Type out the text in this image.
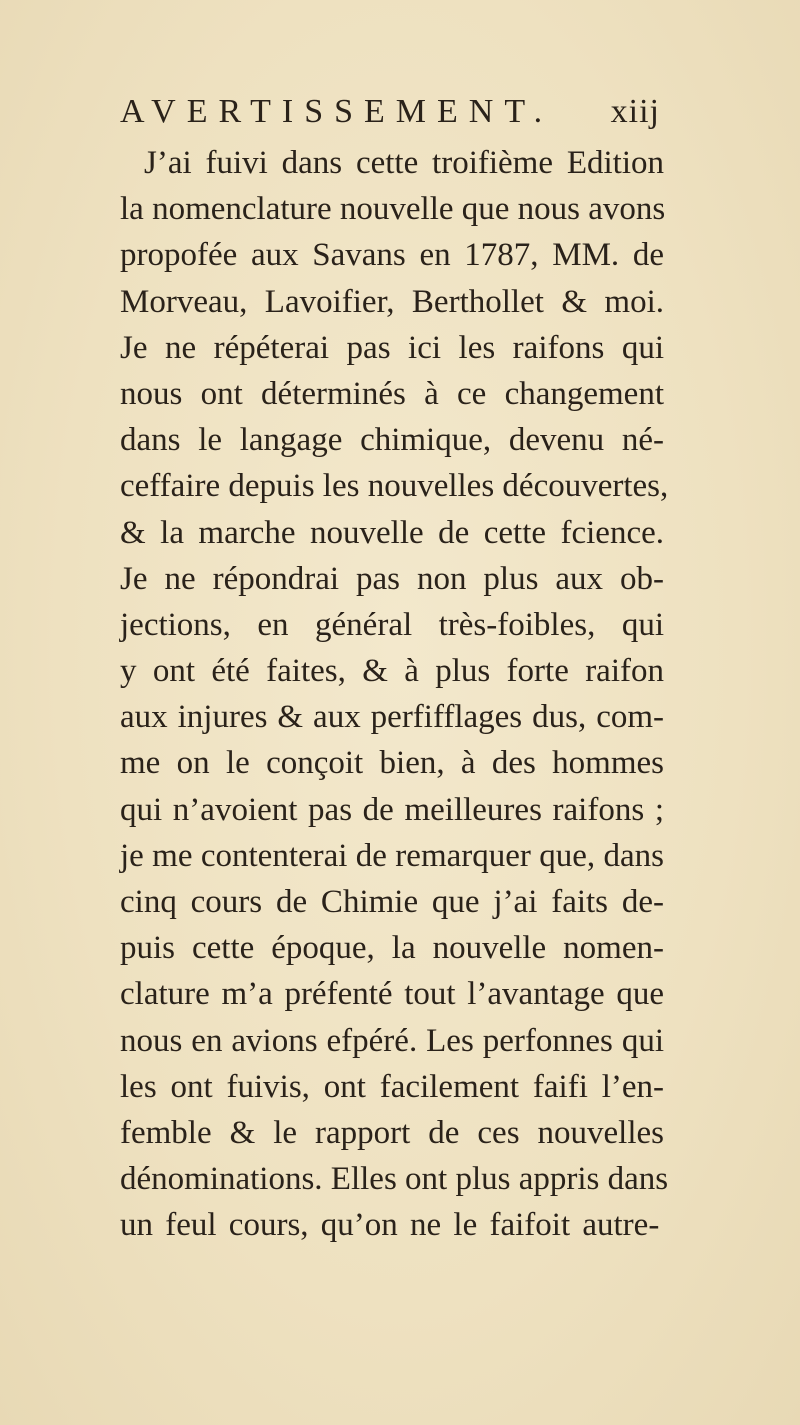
AVERTISSEMENT. xiij
J’ai fuivi dans cette troifième Edition
la nomenclature nouvelle que nous avons
propofée aux Savans en 1787, MM. de
Morveau, Lavoifier, Berthollet & moi.
Je ne répéterai pas ici les raifons qui
nous ont déterminés à ce changement
dans le langage chimique, devenu né-
ceffaire depuis les nouvelles découvertes,
& la marche nouvelle de cette fcience.
Je ne répondrai pas non plus aux ob-
jections, en général très-foibles, qui
y ont été faites, & à plus forte raifon
aux injures & aux perfifflages dus, com-
me on le conçoit bien, à des hommes
qui n’avoient pas de meilleures raifons ;
je me contenterai de remarquer que, dans
cinq cours de Chimie que j’ai faits de-
puis cette époque, la nouvelle nomen-
clature m’a préfenté tout l’avantage que
nous en avions efpéré. Les perfonnes qui
les ont fuivis, ont facilement faifi l’en-
femble & le rapport de ces nouvelles
dénominations. Elles ont plus appris dans
un feul cours, qu’on ne le faifoit autre-
